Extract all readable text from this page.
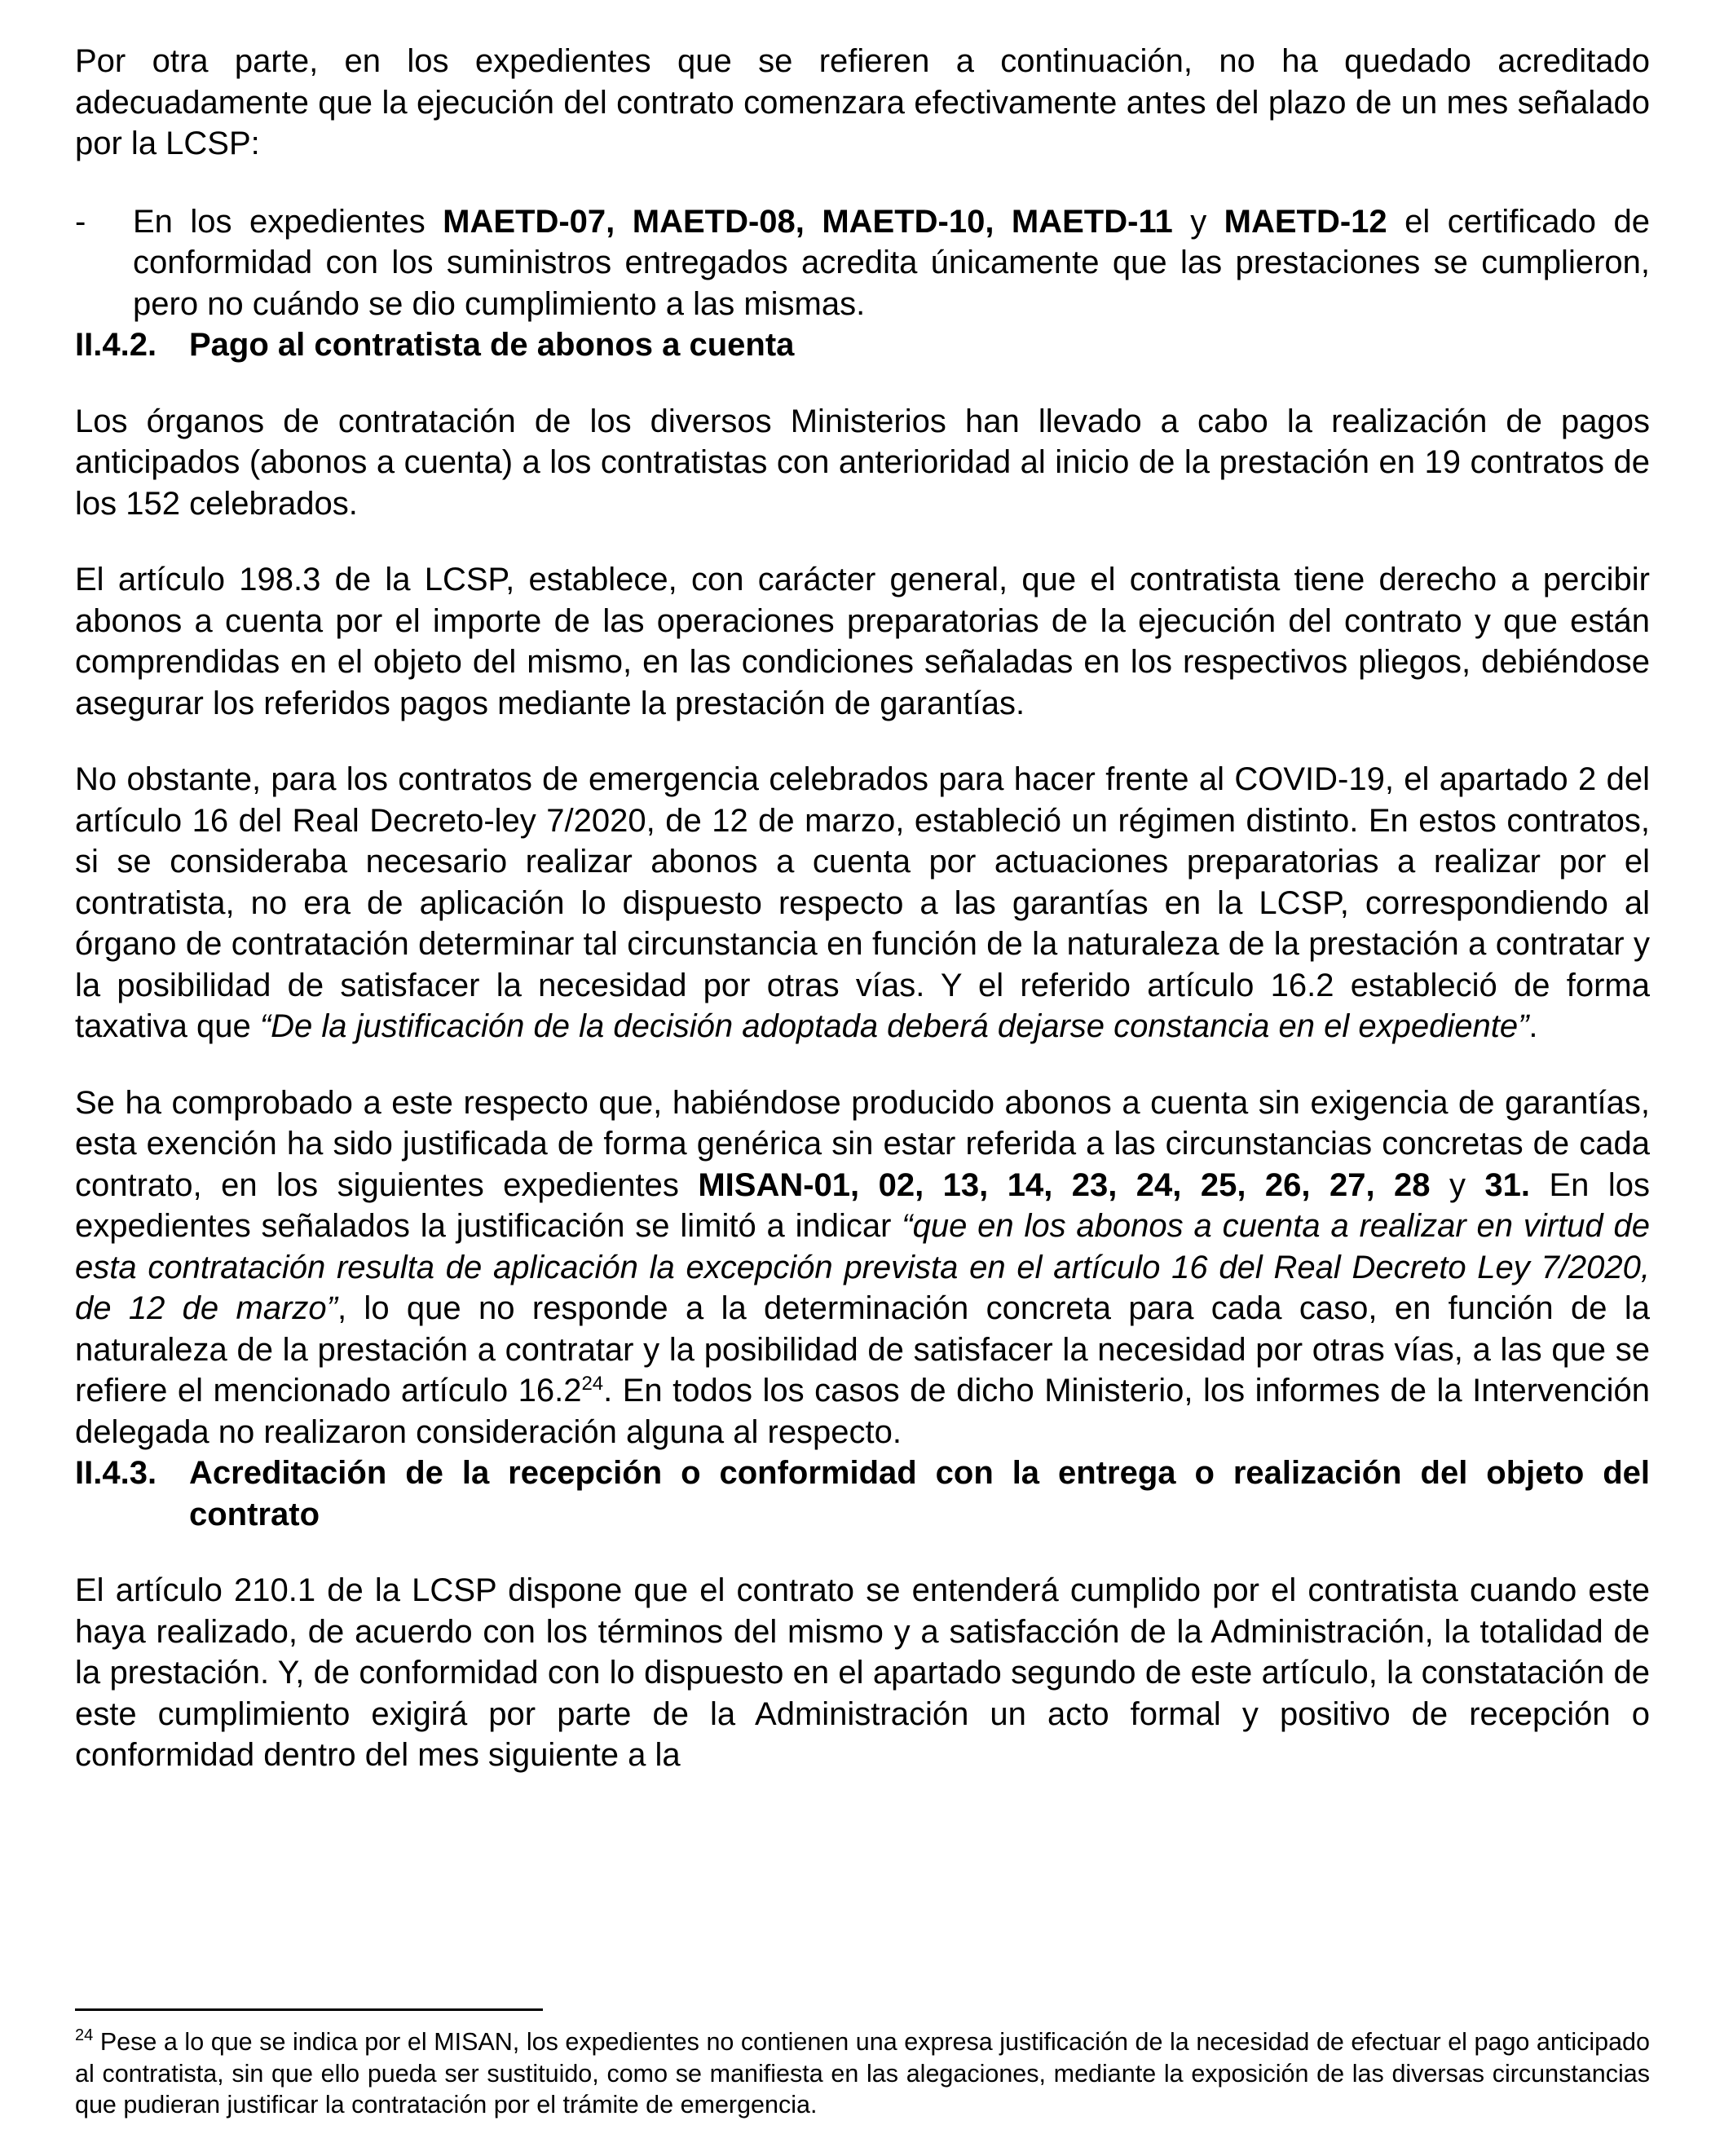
Por otra parte, en los expedientes que se refieren a continuación, no ha quedado acreditado adecuadamente que la ejecución del contrato comenzara efectivamente antes del plazo de un mes señalado por la LCSP:

- En los expedientes MAETD-07, MAETD-08, MAETD-10, MAETD-11 y MAETD-12 el certificado de conformidad con los suministros entregados acredita únicamente que las prestaciones se cumplieron, pero no cuándo se dio cumplimiento a las mismas.

II.4.2. Pago al contratista de abonos a cuenta

Los órganos de contratación de los diversos Ministerios han llevado a cabo la realización de pagos anticipados (abonos a cuenta) a los contratistas con anterioridad al inicio de la prestación en 19 contratos de los 152 celebrados.

El artículo 198.3 de la LCSP, establece, con carácter general, que el contratista tiene derecho a percibir abonos a cuenta por el importe de las operaciones preparatorias de la ejecución del contrato y que están comprendidas en el objeto del mismo, en las condiciones señaladas en los respectivos pliegos, debiéndose asegurar los referidos pagos mediante la prestación de garantías.

No obstante, para los contratos de emergencia celebrados para hacer frente al COVID-19, el apartado 2 del artículo 16 del Real Decreto-ley 7/2020, de 12 de marzo, estableció un régimen distinto. En estos contratos, si se consideraba necesario realizar abonos a cuenta por actuaciones preparatorias a realizar por el contratista, no era de aplicación lo dispuesto respecto a las garantías en la LCSP, correspondiendo al órgano de contratación determinar tal circunstancia en función de la naturaleza de la prestación a contratar y la posibilidad de satisfacer la necesidad por otras vías. Y el referido artículo 16.2 estableció de forma taxativa que “De la justificación de la decisión adoptada deberá dejarse constancia en el expediente”.

Se ha comprobado a este respecto que, habiéndose producido abonos a cuenta sin exigencia de garantías, esta exención ha sido justificada de forma genérica sin estar referida a las circunstancias concretas de cada contrato, en los siguientes expedientes MISAN-01, 02, 13, 14, 23, 24, 25, 26, 27, 28 y 31. En los expedientes señalados la justificación se limitó a indicar “que en los abonos a cuenta a realizar en virtud de esta contratación resulta de aplicación la excepción prevista en el artículo 16 del Real Decreto Ley 7/2020, de 12 de marzo”, lo que no responde a la determinación concreta para cada caso, en función de la naturaleza de la prestación a contratar y la posibilidad de satisfacer la necesidad por otras vías, a las que se refiere el mencionado artículo 16.2$^{24}$. En todos los casos de dicho Ministerio, los informes de la Intervención delegada no realizaron consideración alguna al respecto.

II.4.3. Acreditación de la recepción o conformidad con la entrega o realización del objeto del contrato

El artículo 210.1 de la LCSP dispone que el contrato se entenderá cumplido por el contratista cuando este haya realizado, de acuerdo con los términos del mismo y a satisfacción de la Administración, la totalidad de la prestación. Y, de conformidad con lo dispuesto en el apartado segundo de este artículo, la constatación de este cumplimiento exigirá por parte de la Administración un acto formal y positivo de recepción o conformidad dentro del mes siguiente a la

$^{24}$ Pese a lo que se indica por el MISAN, los expedientes no contienen una expresa justificación de la necesidad de efectuar el pago anticipado al contratista, sin que ello pueda ser sustituido, como se manifiesta en las alegaciones, mediante la exposición de las diversas circunstancias que pudieran justificar la contratación por el trámite de emergencia.
